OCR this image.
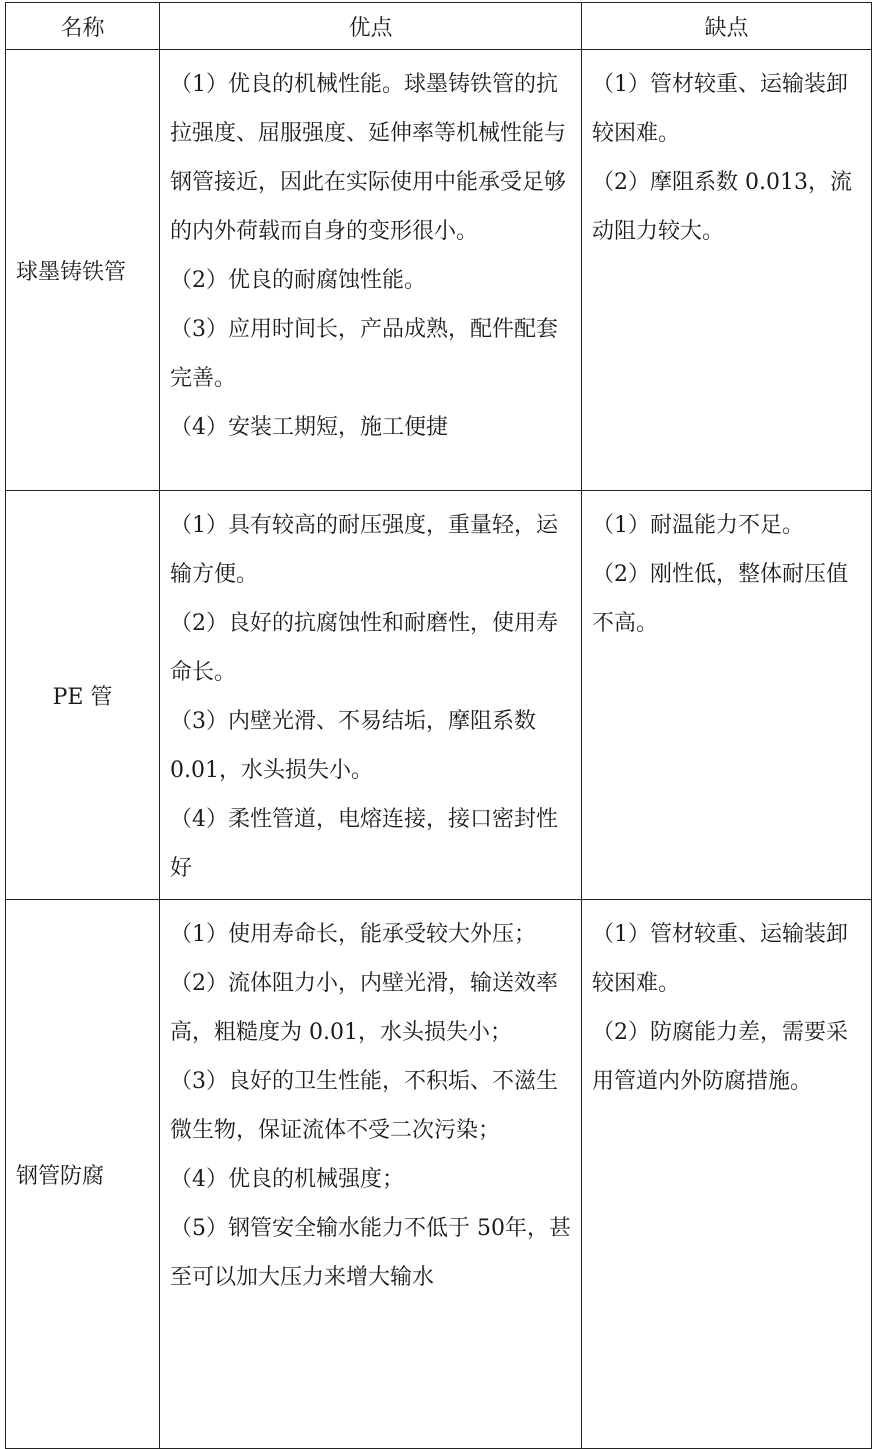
名称	优点	缺点
球墨铸铁管	（1）优良的机械性能。球墨铸铁管的抗拉强度、屈服强度、延伸率等机械性能与钢管接近，因此在实际使用中能承受足够的内外荷载而自身的变形很小。
（2）优良的耐腐蚀性能。
（3）应用时间长，产品成熟，配件配套完善。
（4）安装工期短，施工便捷	（1）管材较重、运输装卸较困难。
（2）摩阻系数 0.013，流动阻力较大。

PE 管	（1）具有较高的耐压强度，重量轻，运输方便。
（2）良好的抗腐蚀性和耐磨性，使用寿命长。
（3）内壁光滑、不易结垢，摩阻系数 0.01，水头损失小。
（4）柔性管道，电熔连接，接口密封性好	（1）耐温能力不足。
（2）刚性低，整体耐压值不高。

钢管防腐	（1）使用寿命长，能承受较大外压；
（2）流体阻力小，内壁光滑，输送效率高，粗糙度为 0.01，水头损失小；
（3）良好的卫生性能，不积垢、不滋生微生物，保证流体不受二次污染；
（4）优良的机械强度；
（5）钢管安全输水能力不低于 50年，甚至可以加大压力来增大输水	（1）管材较重、运输装卸较困难。
（2）防腐能力差，需要采用管道内外防腐措施。
